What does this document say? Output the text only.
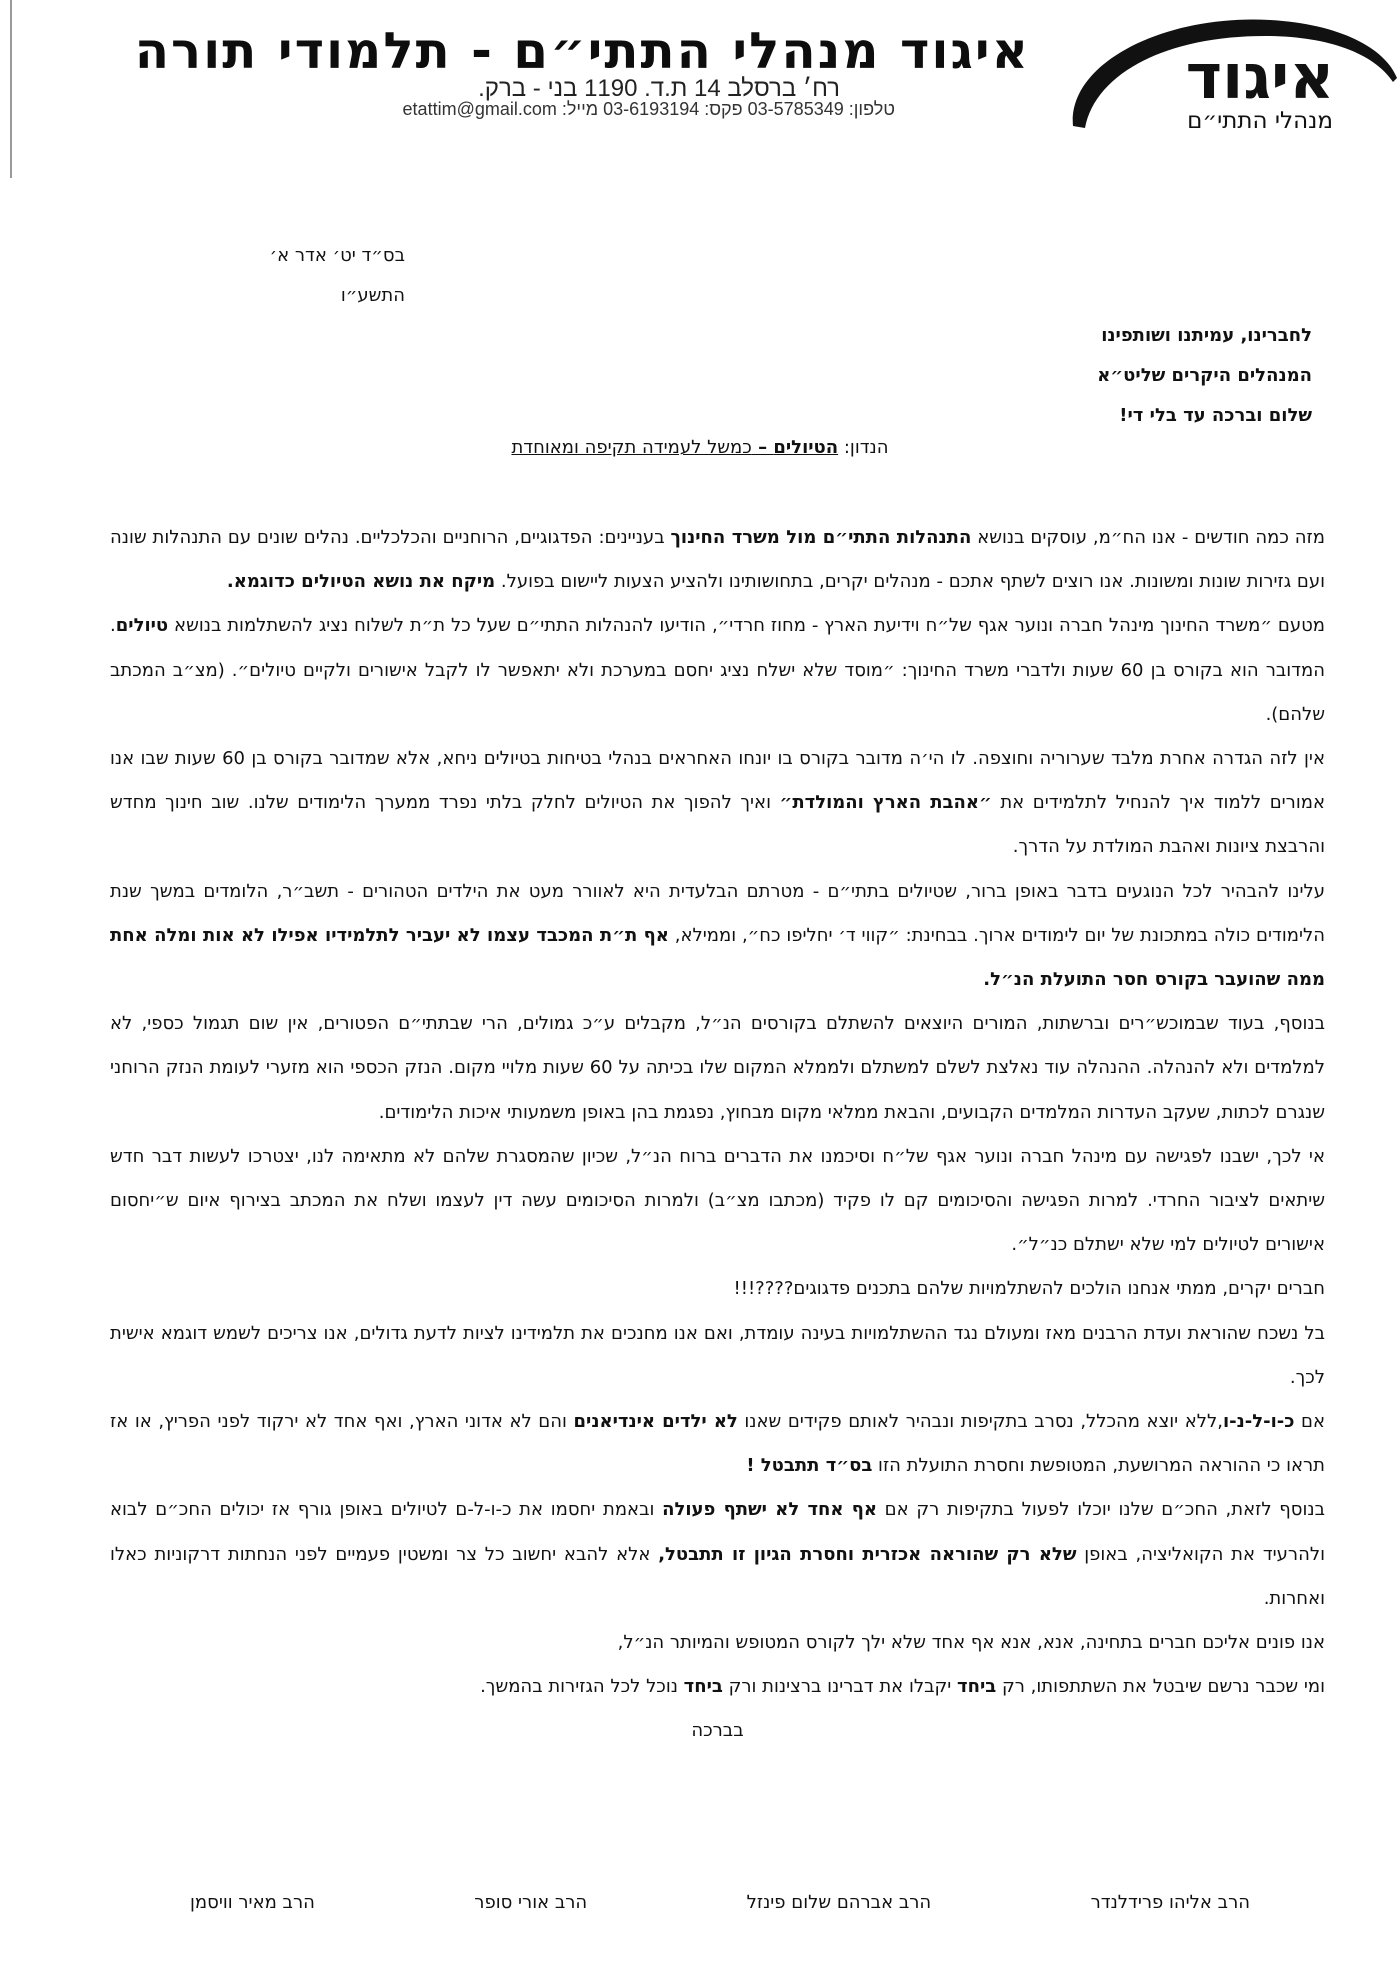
איגוד מנהלי התתי״ם - תלמודי תורה
רח׳ ברסלב 14 ת.ד. 1190 בני - ברק.
טלפון: 03-5785349 פקס: 03-6193194 מייל: etattim@gmail.com	איגוד
מנהלי התתי״ם
בס״ד יט׳ אדר א׳
התשע״ו
לחברינו, עמיתנו ושותפינו
המנהלים היקרים שליט״א
שלום וברכה עד בלי די!
הנדון: הטיולים – כמשל לעמידה תקיפה ומאוחדת

מזה כמה חודשים - אנו הח״מ, עוסקים בנושא התנהלות התתי״ם מול משרד החינוך בעניינים: הפדגוגיים, הרוחניים והכלכליים. נהלים שונים עם התנהלות שונה ועם גזירות שונות ומשונות. אנו רוצים לשתף אתכם - מנהלים יקרים, בתחושותינו ולהציע הצעות ליישום בפועל. מיקח את נושא הטיולים כדוגמא.

מטעם ״משרד החינוך מינהל חברה ונוער אגף של״ח וידיעת הארץ - מחוז חרדי״, הודיעו להנהלות התתי״ם שעל כל ת״ת לשלוח נציג להשתלמות בנושא טיולים. המדובר הוא בקורס בן 60 שעות ולדברי משרד החינוך: ״מוסד שלא ישלח נציג יחסם במערכת ולא יתאפשר לו לקבל אישורים ולקיים טיולים״. (מצ״ב המכתב שלהם).

אין לזה הגדרה אחרת מלבד שערוריה וחוצפה. לו הי׳ה מדובר בקורס בו יונחו האחראים בנהלי בטיחות בטיולים ניחא, אלא שמדובר בקורס בן 60 שעות שבו אנו אמורים ללמוד איך להנחיל לתלמידים את ״אהבת הארץ והמולדת״ ואיך להפוך את הטיולים לחלק בלתי נפרד ממערך הלימודים שלנו. שוב חינוך מחדש והרבצת ציונות ואהבת המולדת על הדרך.

עלינו להבהיר לכל הנוגעים בדבר באופן ברור, שטיולים בתתי״ם - מטרתם הבלעדית היא לאוורר מעט את הילדים הטהורים - תשב״ר, הלומדים במשך שנת הלימודים כולה במתכונת של יום לימודים ארוך. בבחינת: ״קווי ד׳ יחליפו כח״, וממילא, אף ת״ת המכבד עצמו לא יעביר לתלמידיו אפילו לא אות ומלה אחת ממה שהועבר בקורס חסר התועלת הנ״ל.

בנוסף, בעוד שבמוכש״רים וברשתות, המורים היוצאים להשתלם בקורסים הנ״ל, מקבלים ע״כ גמולים, הרי שבתתי״ם הפטורים, אין שום תגמול כספי, לא למלמדים ולא להנהלה. ההנהלה עוד נאלצת לשלם למשתלם ולממלא המקום שלו בכיתה על 60 שעות מלויי מקום. הנזק הכספי הוא מזערי לעומת הנזק הרוחני שנגרם לכתות, שעקב העדרות המלמדים הקבועים, והבאת ממלאי מקום מבחוץ, נפגמת בהן באופן משמעותי איכות הלימודים.

אי לכך, ישבנו לפגישה עם מינהל חברה ונוער אגף של״ח וסיכמנו את הדברים ברוח הנ״ל, שכיון שהמסגרת שלהם לא מתאימה לנו, יצטרכו לעשות דבר חדש שיתאים לציבור החרדי. למרות הפגישה והסיכומים קם לו פקיד (מכתבו מצ״ב) ולמרות הסיכומים עשה דין לעצמו ושלח את המכתב בצירוף איום ש״יחסום אישורים לטיולים למי שלא ישתלם כנ״ל״.

חברים יקרים, ממתי אנחנו הולכים להשתלמויות שלהם בתכנים פדגוגים????!!!

בל נשכח שהוראת ועדת הרבנים מאז ומעולם נגד ההשתלמויות בעינה עומדת, ואם אנו מחנכים את תלמידינו לציות לדעת גדולים, אנו צריכים לשמש דוגמא אישית לכך.

אם כ-ו-ל-נ-ו,ללא יוצא מהכלל, נסרב בתקיפות ונבהיר לאותם פקידים שאנו לא ילדים אינדיאנים והם לא אדוני הארץ, ואף אחד לא ירקוד לפני הפריץ, או אז תראו כי ההוראה המרושעת, המטופשת וחסרת התועלת הזו בס״ד תתבטל !

בנוסף לזאת, החכ״ם שלנו יוכלו לפעול בתקיפות רק אם אף אחד לא ישתף פעולה ובאמת יחסמו את כ-ו-ל-ם לטיולים באופן גורף אז יכולים החכ״ם לבוא ולהרעיד את הקואליציה, באופן שלא רק שהוראה אכזרית וחסרת הגיון זו תתבטל, אלא להבא יחשוב כל צר ומשטין פעמיים לפני הנחתות דרקוניות כאלו ואחרות.

אנו פונים אליכם חברים בתחינה, אנא, אנא אף אחד שלא ילך לקורס המטופש והמיותר הנ״ל,

ומי שכבר נרשם שיבטל את השתתפותו, רק ביחד יקבלו את דברינו ברצינות ורק ביחד נוכל לכל הגזירות בהמשך.

בברכה

הרב אליהו פרידלנדר
הרב אברהם שלום פינזל
הרב אורי סופר
הרב מאיר וויסמן
